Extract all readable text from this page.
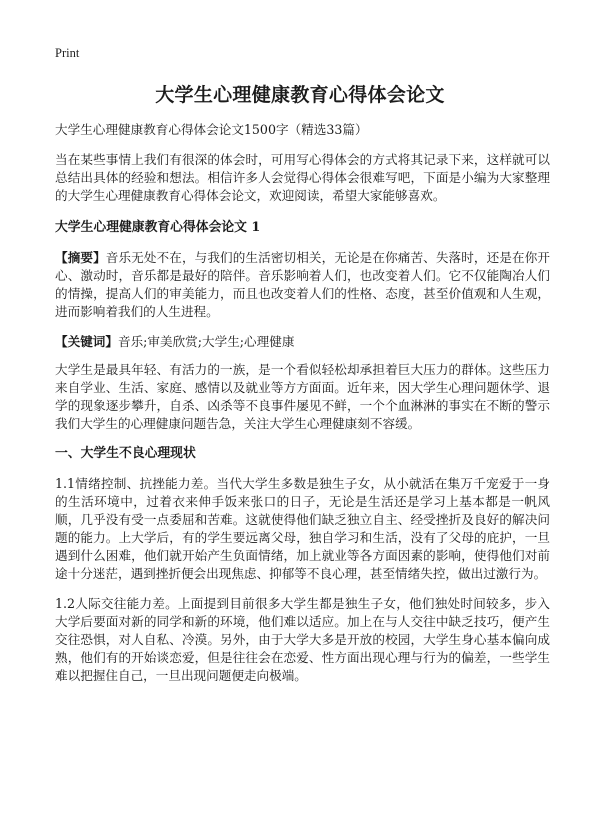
Print
大学生心理健康教育心得体会论文

大学生心理健康教育心得体会论文1500字（精选33篇）

当在某些事情上我们有很深的体会时，可用写心得体会的方式将其记录下来，这样就可以总结出具体的经验和想法。相信许多人会觉得心得体会很难写吧，下面是小编为大家整理的大学生心理健康教育心得体会论文，欢迎阅读，希望大家能够喜欢。

大学生心理健康教育心得体会论文 1

【摘要】音乐无处不在，与我们的生活密切相关，无论是在你痛苦、失落时，还是在你开心、激动时，音乐都是最好的陪伴。音乐影响着人们，也改变着人们。它不仅能陶冶人们的情操，提高人们的审美能力，而且也改变着人们的性格、态度，甚至价值观和人生观，进而影响着我们的人生进程。

【关键词】音乐;审美欣赏;大学生;心理健康

大学生是最具年轻、有活力的一族，是一个看似轻松却承担着巨大压力的群体。这些压力来自学业、生活、家庭、感情以及就业等方方面面。近年来，因大学生心理问题休学、退学的现象逐步攀升，自杀、凶杀等不良事件屡见不鲜，一个个血淋淋的事实在不断的警示我们大学生的心理健康问题告急，关注大学生心理健康刻不容缓。

一、大学生不良心理现状

1.1情绪控制、抗挫能力差。当代大学生多数是独生子女，从小就活在集万千宠爱于一身的生活环境中，过着衣来伸手饭来张口的日子，无论是生活还是学习上基本都是一帆风顺，几乎没有受一点委屈和苦难。这就使得他们缺乏独立自主、经受挫折及良好的解决问题的能力。上大学后，有的学生要远离父母，独自学习和生活，没有了父母的庇护，一旦遇到什么困难，他们就开始产生负面情绪，加上就业等各方面因素的影响，使得他们对前途十分迷茫，遇到挫折便会出现焦虑、抑郁等不良心理，甚至情绪失控，做出过激行为。

1.2人际交往能力差。上面提到目前很多大学生都是独生子女，他们独处时间较多，步入大学后要面对新的同学和新的环境，他们难以适应。加上在与人交往中缺乏技巧，便产生交往恐惧，对人自私、冷漠。另外，由于大学大多是开放的校园，大学生身心基本偏向成熟，他们有的开始谈恋爱，但是往往会在恋爱、性方面出现心理与行为的偏差，一些学生难以把握住自己，一旦出现问题便走向极端。
